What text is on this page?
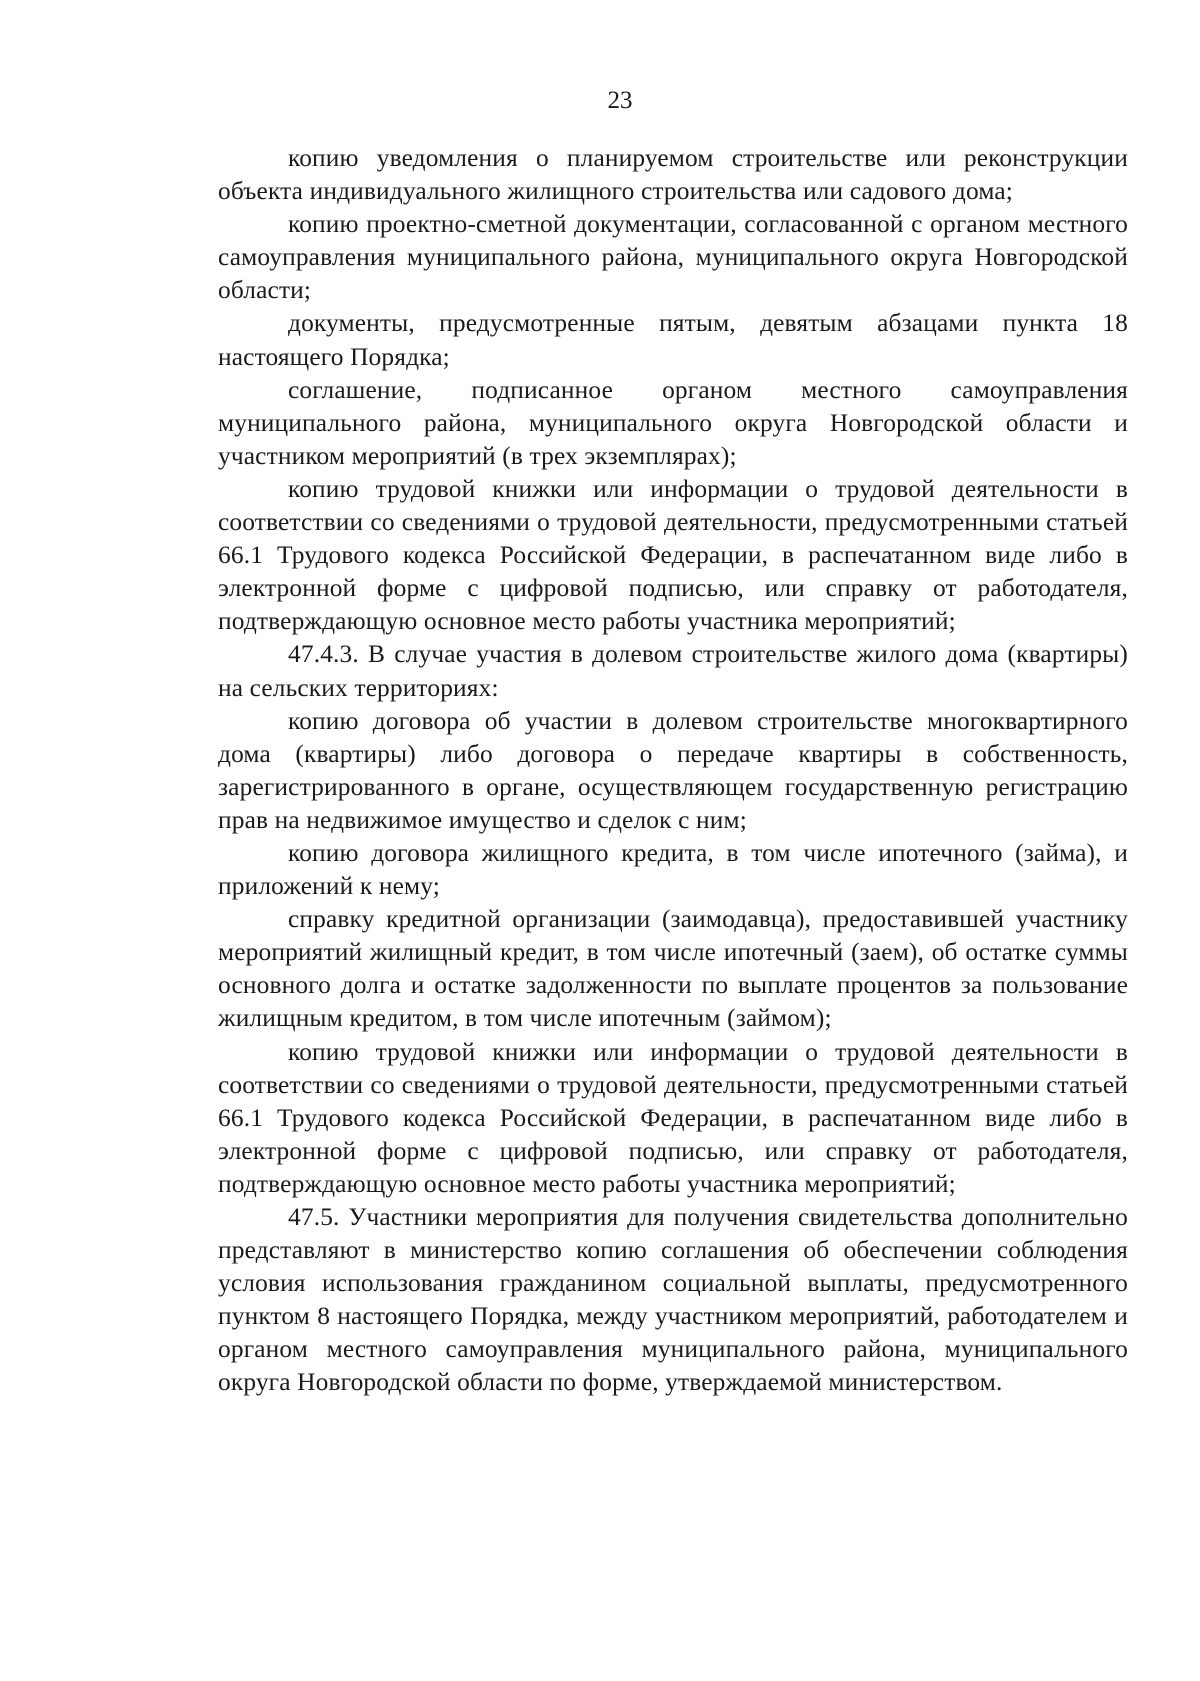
23

копию уведомления о планируемом строительстве или реконструкции объекта индивидуального жилищного строительства или садового дома;

копию проектно-сметной документации, согласованной с органом местного самоуправления муниципального района, муниципального округа Новгородской области;

документы, предусмотренные пятым, девятым абзацами пункта 18 настоящего Порядка;

соглашение, подписанное органом местного самоуправления муниципального района, муниципального округа Новгородской области и участником мероприятий (в трех экземплярах);

копию трудовой книжки или информации о трудовой деятельности в соответствии со сведениями о трудовой деятельности, предусмотренными статьей 66.1 Трудового кодекса Российской Федерации, в распечатанном виде либо в электронной форме с цифровой подписью, или справку от работодателя, подтверждающую основное место работы участника мероприятий;

47.4.3. В случае участия в долевом строительстве жилого дома (квартиры) на сельских территориях:

копию договора об участии в долевом строительстве многоквартирного дома (квартиры) либо договора о передаче квартиры в собственность, зарегистрированного в органе, осуществляющем государственную регистрацию прав на недвижимое имущество и сделок с ним;

копию договора жилищного кредита, в том числе ипотечного (займа), и приложений к нему;

справку кредитной организации (заимодавца), предоставившей участнику мероприятий жилищный кредит, в том числе ипотечный (заем), об остатке суммы основного долга и остатке задолженности по выплате процентов за пользование жилищным кредитом, в том числе ипотечным (займом);

копию трудовой книжки или информации о трудовой деятельности в соответствии со сведениями о трудовой деятельности, предусмотренными статьей 66.1 Трудового кодекса Российской Федерации, в распечатанном виде либо в электронной форме с цифровой подписью, или справку от работодателя, подтверждающую основное место работы участника мероприятий;

47.5. Участники мероприятия для получения свидетельства дополнительно представляют в министерство копию соглашения об обеспечении соблюдения условия использования гражданином социальной выплаты, предусмотренного пунктом 8 настоящего Порядка, между участником мероприятий, работодателем и органом местного самоуправления муниципального района, муниципального округа Новгородской области по форме, утверждаемой министерством.
